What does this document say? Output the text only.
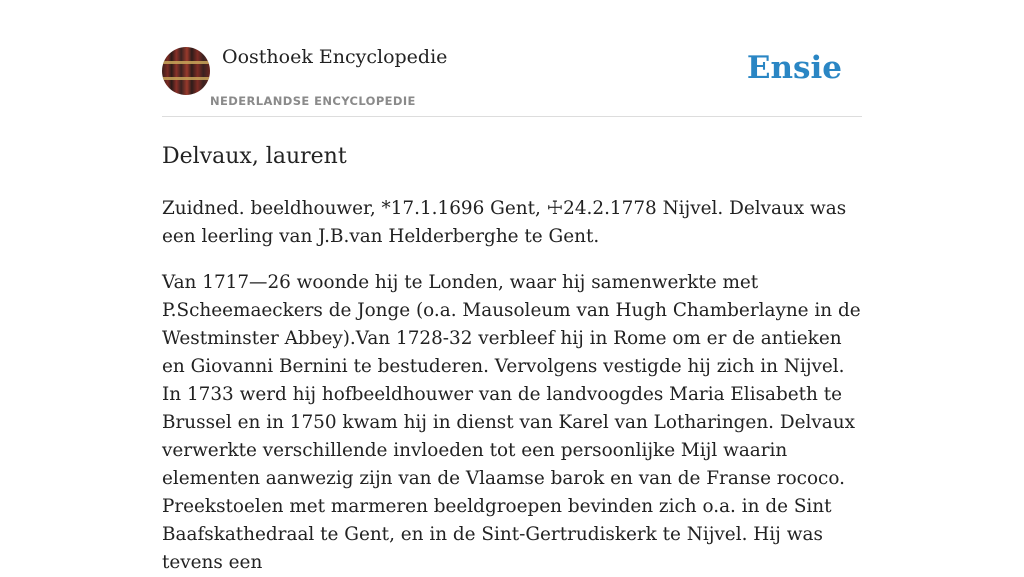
Oosthoek Encyclopedie
NEDERLANDSE ENCYCLOPEDIE
Ensie
Delvaux, laurent

Zuidned. beeldhouwer, *17.1.1696 Gent, ☩24.2.1778 Nijvel. Delvaux was een leerling van J.B.van Helderberghe te Gent.

Van 1717—26 woonde hij te Londen, waar hij samenwerkte met P.Scheemaeckers de Jonge (o.a. Mausoleum van Hugh Chamberlayne in de Westminster Abbey).Van 1728-32 verbleef hij in Rome om er de antieken en Giovanni Bernini te bestuderen. Vervolgens vestigde hij zich in Nijvel. In 1733 werd hij hofbeeldhouwer van de landvoogdes Maria Elisabeth te Brussel en in 1750 kwam hij in dienst van Karel van Lotharingen. Delvaux verwerkte verschillende invloeden tot een persoonlijke Mijl waarin elementen aanwezig zijn van de Vlaamse barok en van de Franse rococo. Preekstoelen met marmeren beeldgroepen bevinden zich o.a. in de Sint Baafskathedraal te Gent, en in de Sint-Gertrudiskerk te Nijvel. Hij was tevens een
